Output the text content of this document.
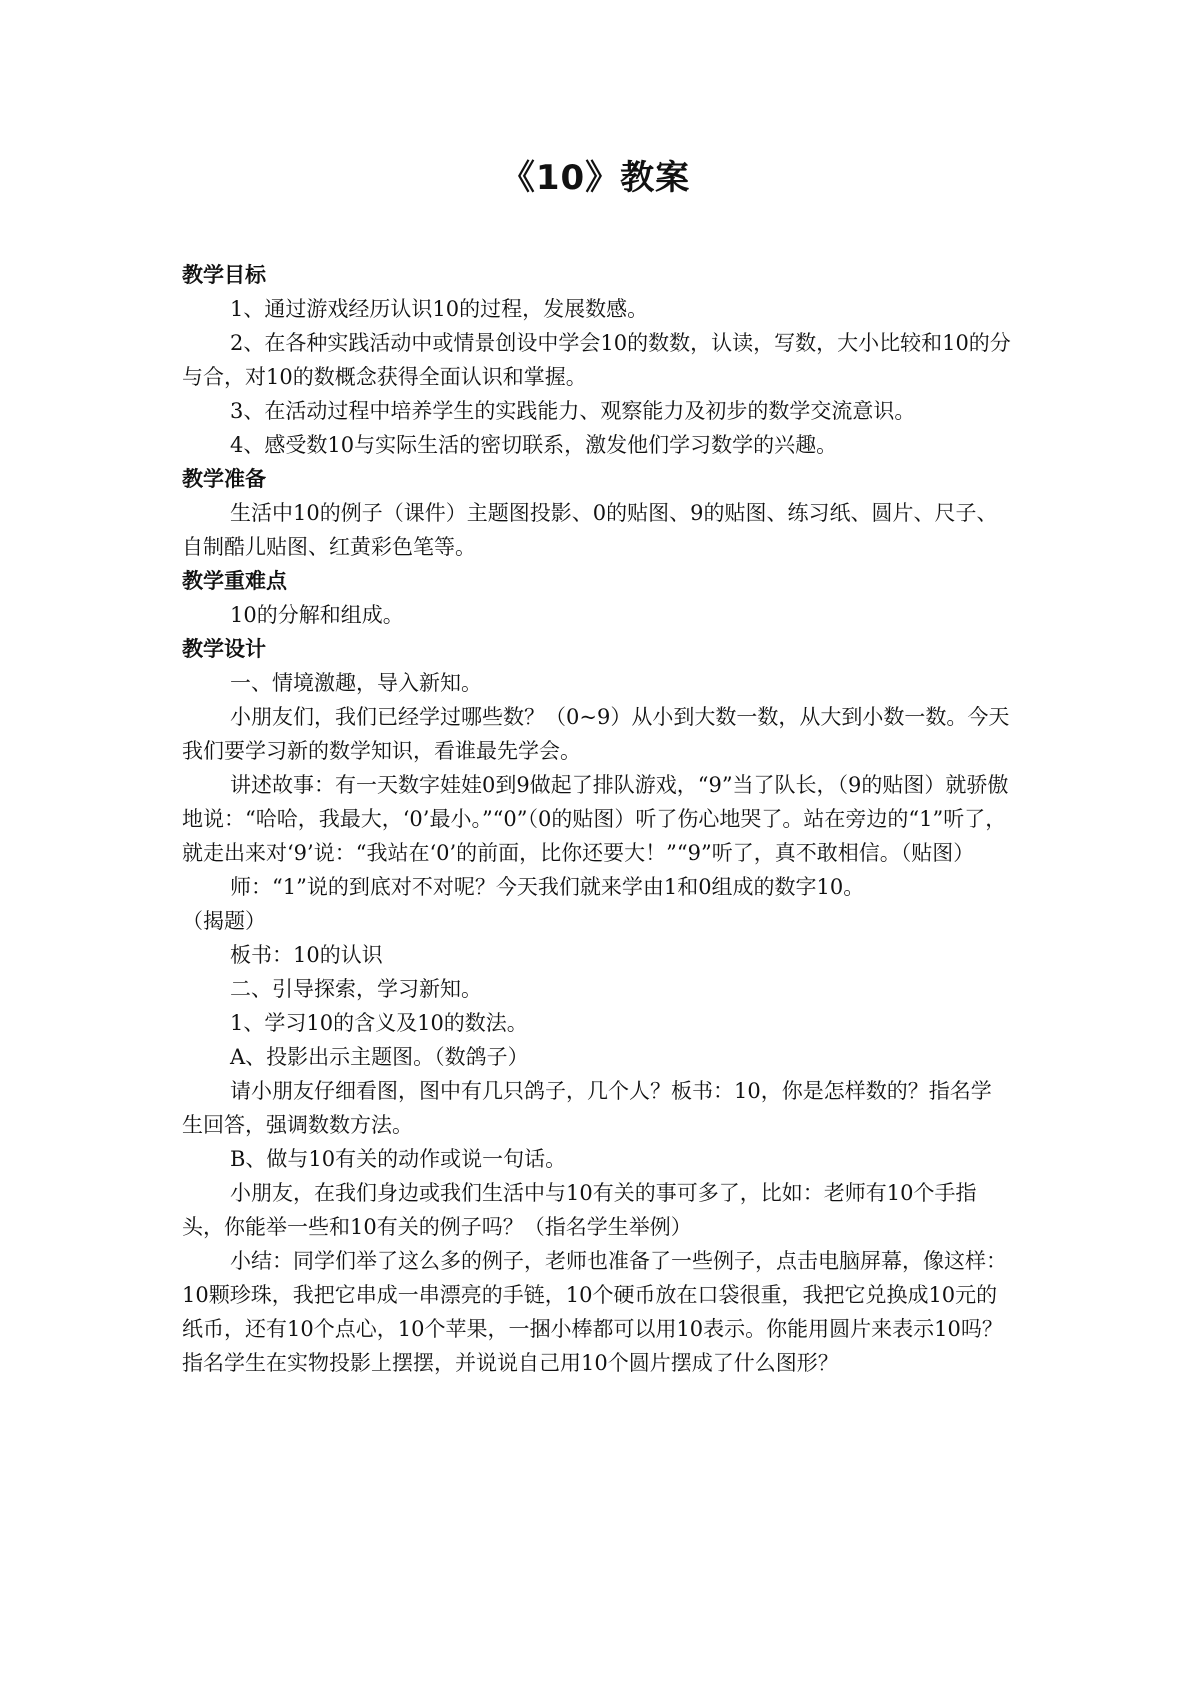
《10》教案
教学目标

1、通过游戏经历认识10的过程，发展数感。

2、在各种实践活动中或情景创设中学会10的数数，认读，写数，大小比较和10的分与合，对10的数概念获得全面认识和掌握。

3、在活动过程中培养学生的实践能力、观察能力及初步的数学交流意识。

4、感受数10与实际生活的密切联系，激发他们学习数学的兴趣。

教学准备

生活中10的例子（课件）主题图投影、0的贴图、9的贴图、练习纸、圆片、尺子、自制酷儿贴图、红黄彩色笔等。

教学重难点

10的分解和组成。

教学设计

一、情境激趣，导入新知。

小朋友们，我们已经学过哪些数？（0~9）从小到大数一数，从大到小数一数。今天我们要学习新的数学知识，看谁最先学会。

讲述故事：有一天数字娃娃0到9做起了排队游戏，“9”当了队长，（9的贴图）就骄傲地说：“哈哈，我最大，‘0’最小。”“0”（0的贴图）听了伤心地哭了。站在旁边的“1”听了，就走出来对‘9’说：“我站在‘0’的前面，比你还要大！”“9”听了，真不敢相信。（贴图）

师：“1”说的到底对不对呢？今天我们就来学由1和0组成的数字10。

（揭题）

板书：10的认识

二、引导探索，学习新知。

1、学习10的含义及10的数法。

A、投影出示主题图。（数鸽子）

请小朋友仔细看图，图中有几只鸽子，几个人？板书：10，你是怎样数的？指名学生回答，强调数数方法。

B、做与10有关的动作或说一句话。

小朋友，在我们身边或我们生活中与10有关的事可多了，比如：老师有10个手指头，你能举一些和10有关的例子吗？（指名学生举例）

小结：同学们举了这么多的例子，老师也准备了一些例子，点击电脑屏幕，像这样：10颗珍珠，我把它串成一串漂亮的手链，10个硬币放在口袋很重，我把它兑换成10元的纸币，还有10个点心，10个苹果，一捆小棒都可以用10表示。你能用圆片来表示10吗？指名学生在实物投影上摆摆，并说说自己用10个圆片摆成了什么图形？
